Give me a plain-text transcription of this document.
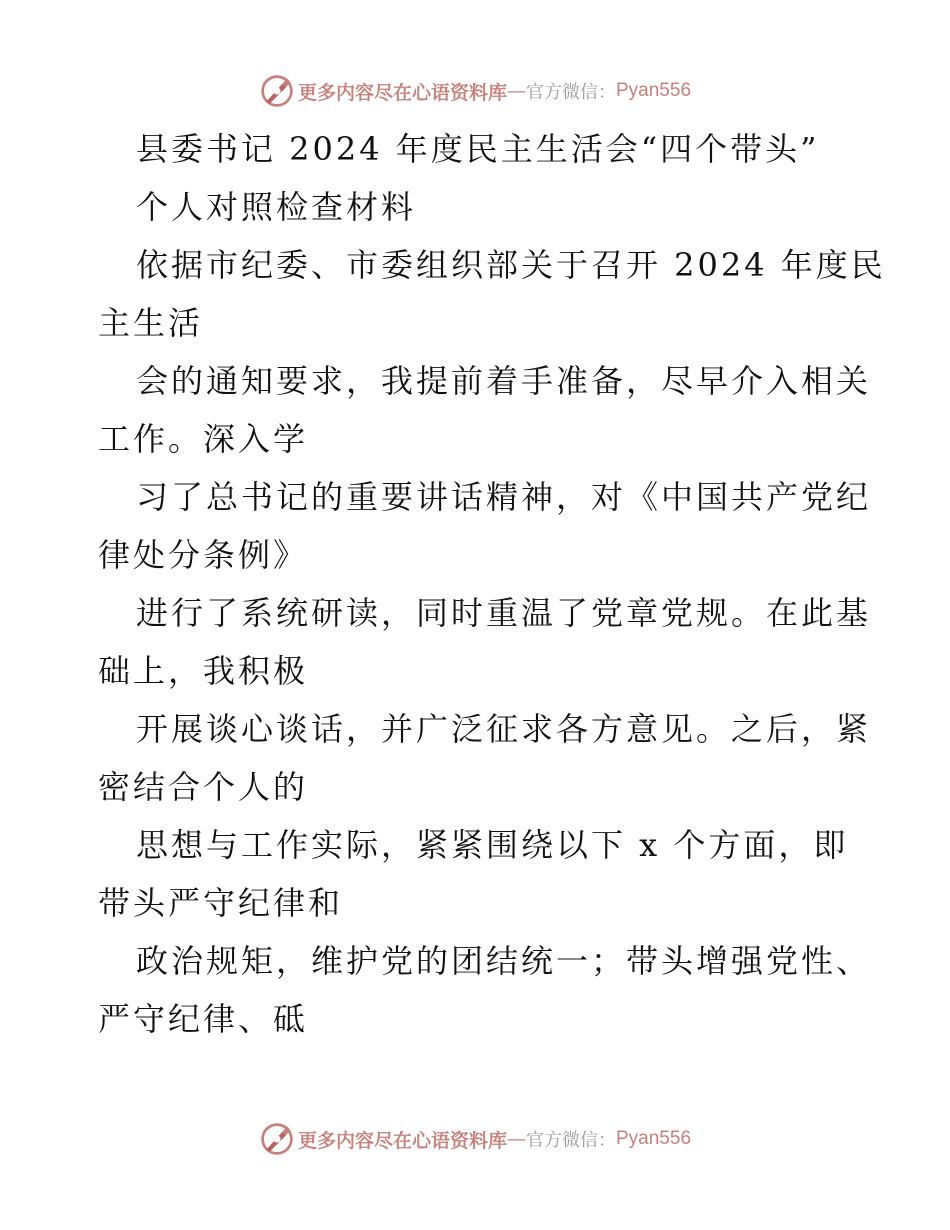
更多内容尽在心语资料库 — 官方微信： Pyan556
县委书记 2024 年度民主生活会“四个带头”
个人对照检查材料
依据市纪委、市委组织部关于召开 2024 年度民
主生活
会的通知要求，我提前着手准备，尽早介入相关
工作。深入学
习了总书记的重要讲话精神，对《中国共产党纪
律处分条例》
进行了系统研读，同时重温了党章党规。在此基
础上，我积极
开展谈心谈话，并广泛征求各方意见。之后，紧
密结合个人的
思想与工作实际，紧紧围绕以下 x 个方面，即
带头严守纪律和
政治规矩，维护党的团结统一；带头增强党性、
严守纪律、砥
更多内容尽在心语资料库 — 官方微信： Pyan556
